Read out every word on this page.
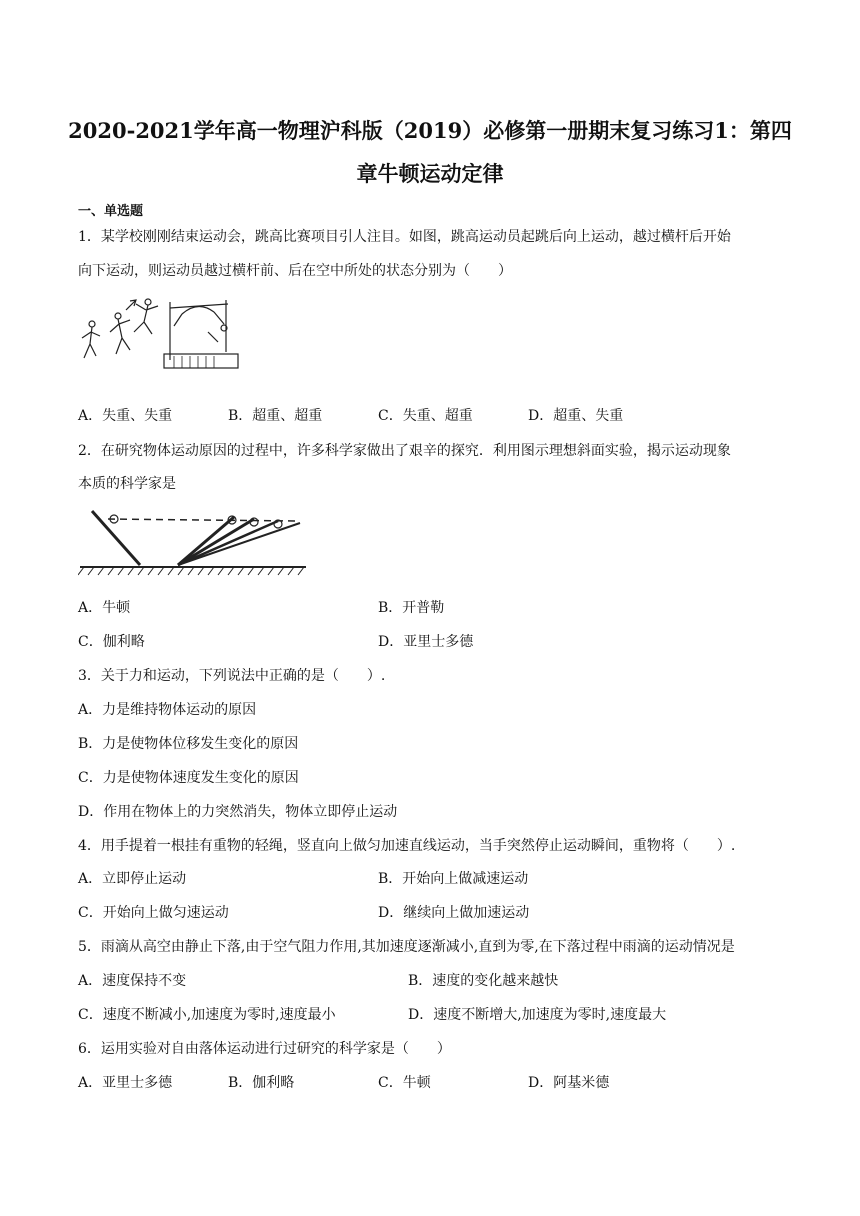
2020-2021学年高一物理沪科版（2019）必修第一册期末复习练习1：第四
章牛顿运动定律
一、单选题
1．某学校刚刚结束运动会，跳高比赛项目引人注目。如图，跳高运动员起跳后向上运动，越过横杆后开始
向下运动，则运动员越过横杆前、后在空中所处的状态分别为（　　）
A．失重、失重	B．超重、超重	C．失重、超重	D．超重、失重
2．在研究物体运动原因的过程中，许多科学家做出了艰辛的探究．利用图示理想斜面实验，揭示运动现象
本质的科学家是
A．牛顿	B．开普勒
C．伽利略	D．亚里士多德
3．关于力和运动，下列说法中正确的是（　　）.
A．力是维持物体运动的原因
B．力是使物体位移发生变化的原因
C．力是使物体速度发生变化的原因
D．作用在物体上的力突然消失，物体立即停止运动
4．用手提着一根挂有重物的轻绳，竖直向上做匀加速直线运动，当手突然停止运动瞬间，重物将（　　）.
A．立即停止运动	B．开始向上做减速运动
C．开始向上做匀速运动	D．继续向上做加速运动
5．雨滴从高空由静止下落,由于空气阻力作用,其加速度逐渐减小,直到为零,在下落过程中雨滴的运动情况是
A．速度保持不变	B．速度的变化越来越快
C．速度不断减小,加速度为零时,速度最小	D．速度不断增大,加速度为零时,速度最大
6．运用实验对自由落体运动进行过研究的科学家是（　　）
A．亚里士多德	B．伽利略	C．牛顿	D．阿基米德
